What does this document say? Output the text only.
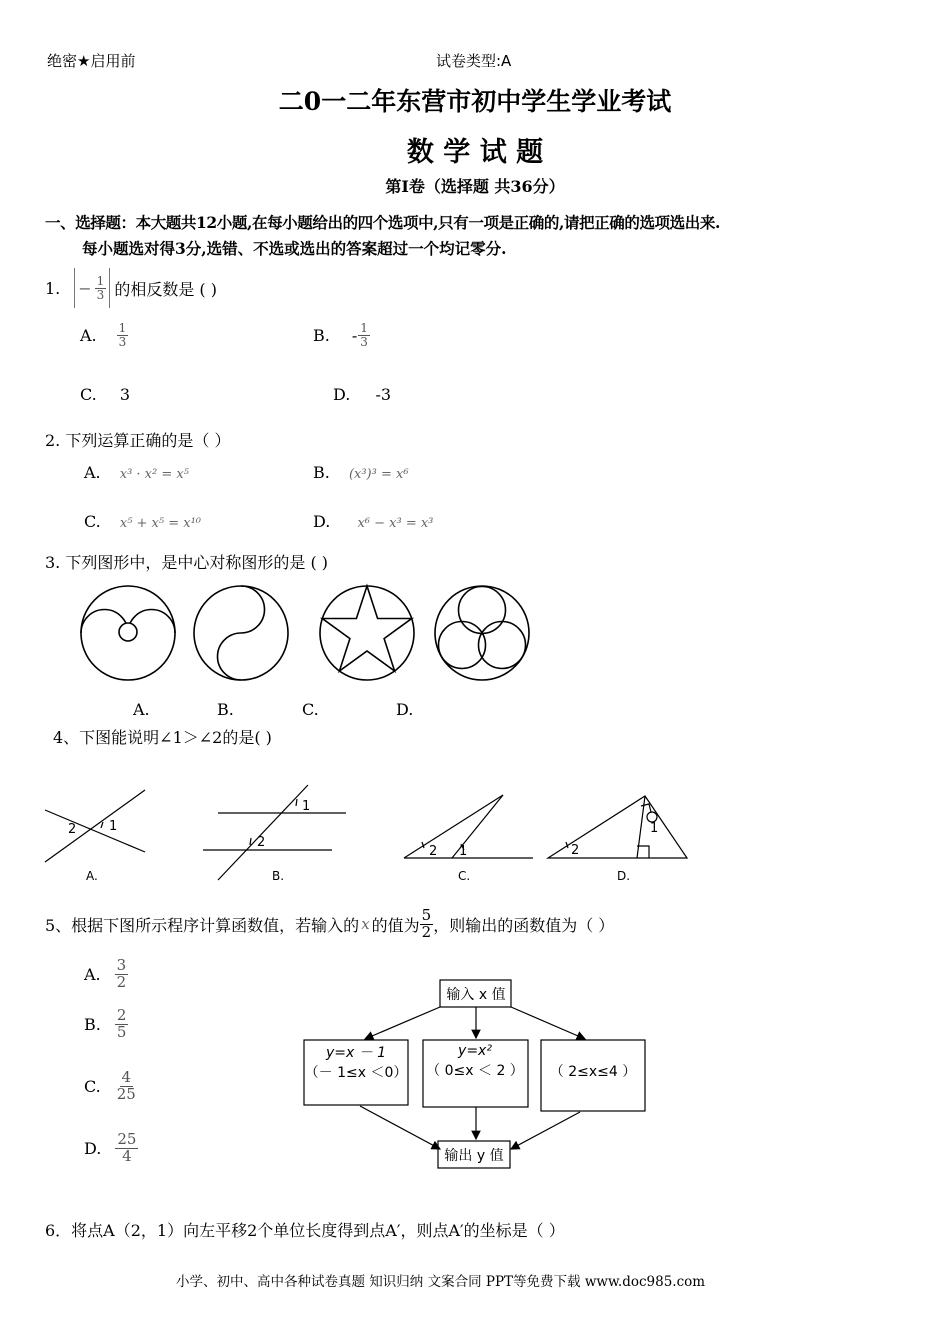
绝密★启用前	试卷类型:A
二0一二年东营市初中学生学业考试
数 学 试 题
第Ⅰ卷（选择题 共36分）
一、选择题：本大题共12小题,在每小题给出的四个选项中,只有一项是正确的,请把正确的选项选出来.
每小题选对得3分,选错、不选或选出的答案超过一个均记零分.
1. − $\frac{1}{3}$ 的相反数是 ( )
A. $\frac{1}{3}$	B. - $\frac{1}{3}$
C. 3	D. -3
2. 下列运算正确的是（ ）
A. x³ · x² = x⁵	B. (x³)³ = x⁶
C. x⁵ + x⁵ = x¹⁰	D. x⁶ − x³ = x³
3. 下列图形中，是中心对称图形的是 ( )
A.	B.	C.	D.
4、下图能说明∠1＞∠2的是( )
2	1
1
2
2 1	2
1
A.	B.	C.	D.
5、根据下图所示程序计算函数值，若输入的 x 的值为 $\frac{5}{2}$ ，则输出的函数值为（ ）
A. $\frac{3}{2}$
B. $\frac{2}{5}$
C. $\frac{4}{25}$
D. $\frac{25}{4}$
输入 x 值
y=x － 1
（－ 1≤x ＜0）
y=x²
（ 0≤x ＜ 2 ） （ 2≤x≤4 ）
输出 y 值
6．将点A（2，1）向左平移2个单位长度得到点A′，则点A′的坐标是（ ）
小学、初中、高中各种试卷真题 知识归纳 文案合同 PPT等免费下载 www.doc985.com
